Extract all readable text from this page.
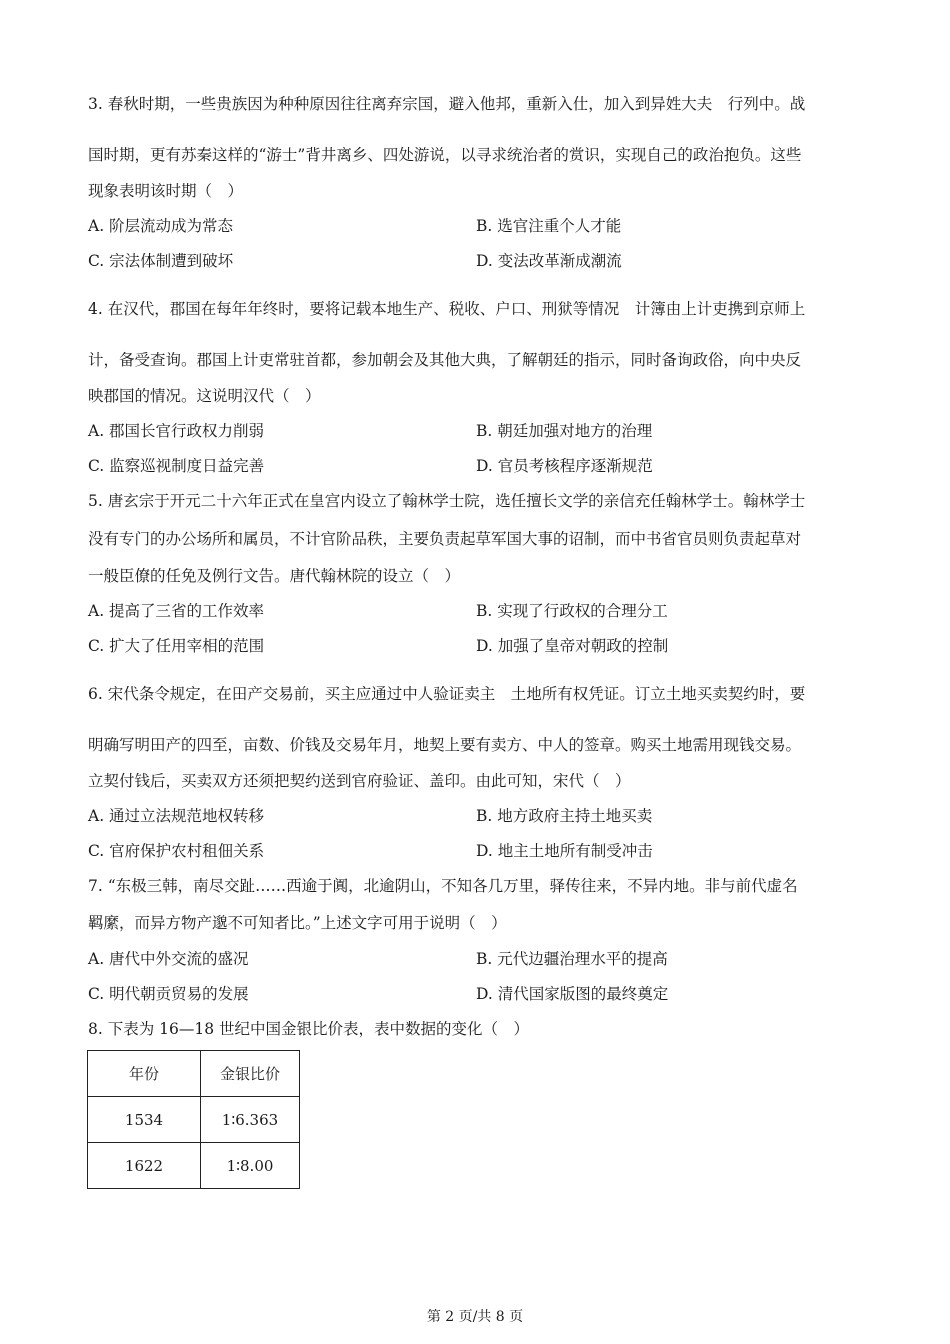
3. 春秋时期，一些贵族因为种种原因往往离弃宗国，避入他邦，重新入仕，加入到异姓大夫　行列中。战
国时期，更有苏秦这样的“游士”背井离乡、四处游说，以寻求统治者的赏识，实现自己的政治抱负。这些
现象表明该时期（　）
A. 阶层流动成为常态	B. 选官注重个人才能
C. 宗法体制遭到破坏	D. 变法改革渐成潮流
4. 在汉代，郡国在每年年终时，要将记载本地生产、税收、户口、刑狱等情况　计簿由上计吏携到京师上
计，备受查询。郡国上计吏常驻首都，参加朝会及其他大典，了解朝廷的指示，同时备询政俗，向中央反
映郡国的情况。这说明汉代（　）
A. 郡国长官行政权力削弱	B. 朝廷加强对地方的治理
C. 监察巡视制度日益完善	D. 官员考核程序逐渐规范
5. 唐玄宗于开元二十六年正式在皇宫内设立了翰林学士院，选任擅长文学的亲信充任翰林学士。翰林学士
没有专门的办公场所和属员，不计官阶品秩，主要负责起草军国大事的诏制，而中书省官员则负责起草对
一般臣僚的任免及例行文告。唐代翰林院的设立（　）
A. 提高了三省的工作效率	B. 实现了行政权的合理分工
C. 扩大了任用宰相的范围	D. 加强了皇帝对朝政的控制
6. 宋代条令规定，在田产交易前，买主应通过中人验证卖主　土地所有权凭证。订立土地买卖契约时，要
明确写明田产的四至，亩数、价钱及交易年月，地契上要有卖方、中人的签章。购买土地需用现钱交易。
立契付钱后，买卖双方还须把契约送到官府验证、盖印。由此可知，宋代（　）
A. 通过立法规范地权转移	B. 地方政府主持土地买卖
C. 官府保护农村租佃关系	D. 地主土地所有制受冲击
7. “东极三韩，南尽交趾……西逾于阗，北逾阴山，不知各几万里，驿传往来，不异内地。非与前代虚名
羁縻，而异方物产邈不可知者比。”上述文字可用于说明（　）
A. 唐代中外交流的盛况	B. 元代边疆治理水平的提高
C. 明代朝贡贸易的发展	D. 清代国家版图的最终奠定
8. 下表为 16—18 世纪中国金银比价表，表中数据的变化（　）
年份	金银比价
1534	1∶6.363
1622	1∶8.00
第 2 页/共 8 页
